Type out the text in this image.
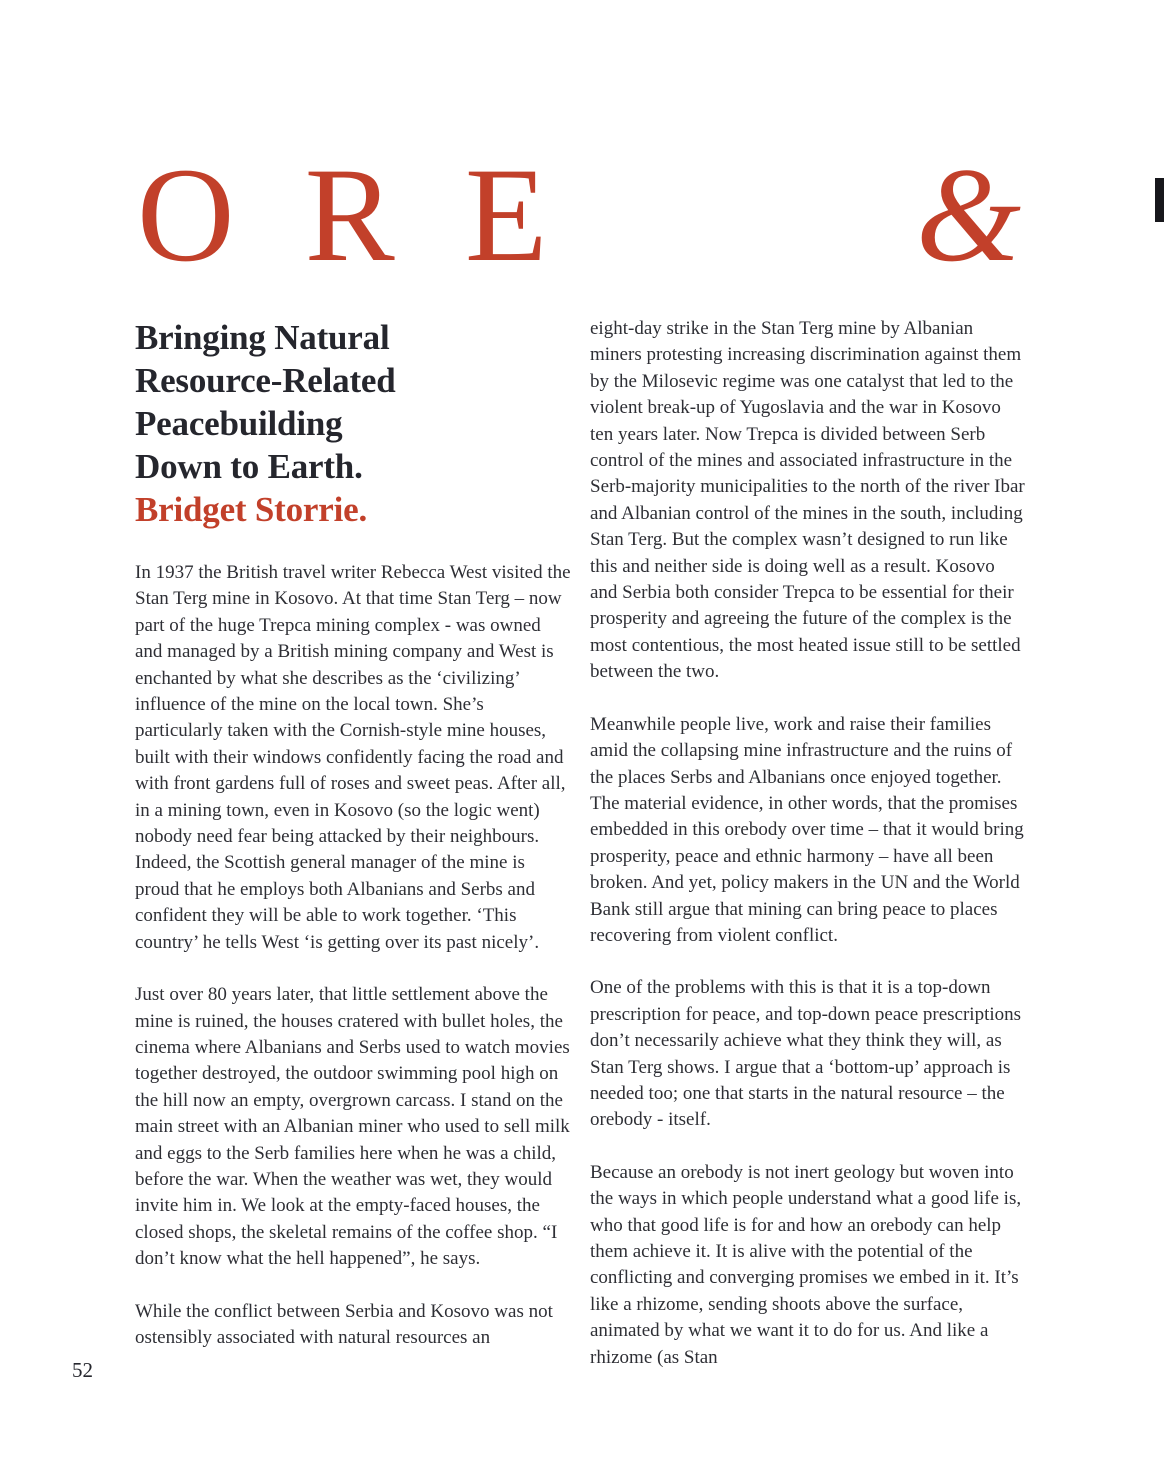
ORE &
Bringing Natural
Resource-Related
Peacebuilding
Down to Earth.
Bridget Storrie.

In 1937 the British travel writer Rebecca West visited the Stan Terg mine in Kosovo. At that time Stan Terg – now part of the huge Trepca mining complex - was owned and managed by a British mining company and West is enchanted by what she describes as the ‘civilizing’ influence of the mine on the local town. She’s particularly taken with the Cornish-style mine houses, built with their windows confidently facing the road and with front gardens full of roses and sweet peas. After all, in a mining town, even in Kosovo (so the logic went) nobody need fear being attacked by their neighbours. Indeed, the Scottish general manager of the mine is proud that he employs both Albanians and Serbs and confident they will be able to work together. ‘This country’ he tells West ‘is getting over its past nicely’.

Just over 80 years later, that little settlement above the mine is ruined, the houses cratered with bullet holes, the cinema where Albanians and Serbs used to watch movies together destroyed, the outdoor swimming pool high on the hill now an empty, overgrown carcass. I stand on the main street with an Albanian miner who used to sell milk and eggs to the Serb families here when he was a child, before the war. When the weather was wet, they would invite him in. We look at the empty-faced houses, the closed shops, the skeletal remains of the coffee shop. “I don’t know what the hell happened”, he says.

While the conflict between Serbia and Kosovo was not ostensibly associated with natural resources an

eight-day strike in the Stan Terg mine by Albanian miners protesting increasing discrimination against them by the Milosevic regime was one catalyst that led to the violent break-up of Yugoslavia and the war in Kosovo ten years later. Now Trepca is divided between Serb control of the mines and associated infrastructure in the Serb-majority municipalities to the north of the river Ibar and Albanian control of the mines in the south, including Stan Terg. But the complex wasn’t designed to run like this and neither side is doing well as a result. Kosovo and Serbia both consider Trepca to be essential for their prosperity and agreeing the future of the complex is the most contentious, the most heated issue still to be settled between the two.

Meanwhile people live, work and raise their families amid the collapsing mine infrastructure and the ruins of the places Serbs and Albanians once enjoyed together. The material evidence, in other words, that the promises embedded in this orebody over time – that it would bring prosperity, peace and ethnic harmony – have all been broken. And yet, policy makers in the UN and the World Bank still argue that mining can bring peace to places recovering from violent conflict.

One of the problems with this is that it is a top-down prescription for peace, and top-down peace prescriptions don’t necessarily achieve what they think they will, as Stan Terg shows. I argue that a ‘bottom-up’ approach is needed too; one that starts in the natural resource – the orebody - itself.

Because an orebody is not inert geology but woven into the ways in which people understand what a good life is, who that good life is for and how an orebody can help them achieve it. It is alive with the potential of the conflicting and converging promises we embed in it. It’s like a rhizome, sending shoots above the surface, animated by what we want it to do for us. And like a rhizome (as Stan

52
